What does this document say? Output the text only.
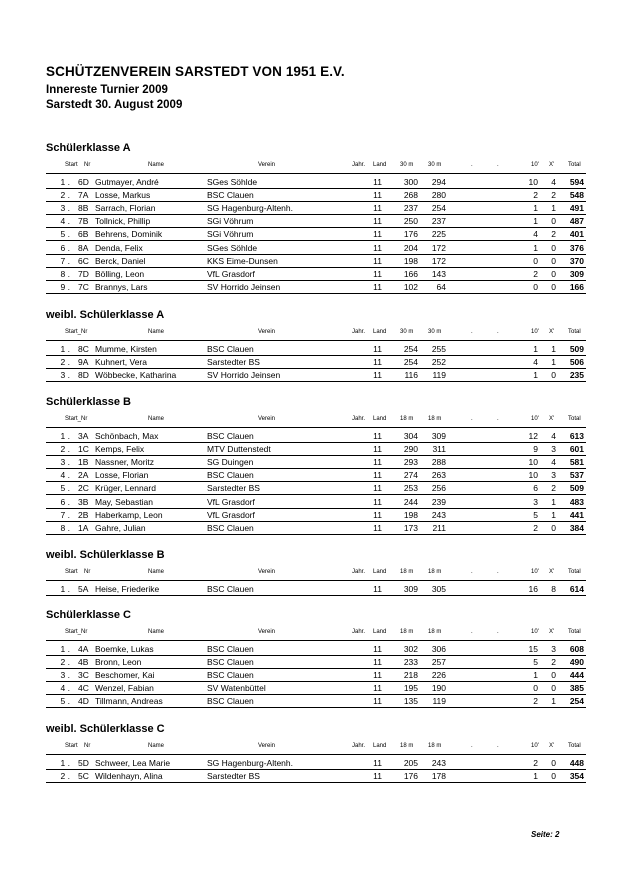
SCHÜTZENVEREIN SARSTEDT VON 1951 E.V.
Innereste Turnier 2009
Sarstedt 30. August 2009
Schülerklasse A
Start Nr	Name	Verein	Jahr. Land 30 m 30 m	.	.	10' X' Total
1 . 6D Gutmayer, André	SGes Söhlde	11	300	294	10	4	594
2 . 7A Losse, Markus	BSC Clauen	11	268	280	2	2	548
3 . 8B Sarrach, Florian	SG Hagenburg-Altenh.	11	237	254	1	1	491
4 . 7B Tollnick, Phillip	SGi Vöhrum	11	250	237	1	0	487
5 . 6B Behrens, Dominik	SGi Vöhrum	11	176	225	4	2	401
6 . 8A Denda, Felix	SGes Söhlde	11	204	172	1	0	376
7 . 6C Berck, Daniel	KKS Eime-Dunsen	11	198	172	0	0	370
8 . 7D Bölling, Leon	VfL Grasdorf	11	166	143	2	0	309
9 . 7C Brannys, Lars	SV Horrido Jeinsen	11	102	64	0	0	166
weibl. Schülerklasse A
Start_Nr	Name	Verein	Jahr. Land 30 m 30 m	.	.	10' X' Total
1 . 8C Mumme, Kirsten	BSC Clauen	11	254	255	1	1	509
2 . 9A Kuhnert, Vera	Sarstedter BS	11	254	252	4	1	506
3 . 8D Wöbbecke, Katharina	SV Horrido Jeinsen	11	116	119	1	0	235
Schülerklasse B
Start_Nr	Name	Verein	Jahr. Land 18 m 18 m	.	.	10' X' Total
1 . 3A Schönbach, Max	BSC Clauen	11	304	309	12	4	613
2 . 1C Kemps, Felix	MTV Duttenstedt	11	290	311	9	3	601
3 . 1B Nassner, Moritz	SG Duingen	11	293	288	10	4	581
4 . 2A Losse, Florian	BSC Clauen	11	274	263	10	3	537
5 . 2C Krüger, Lennard	Sarstedter BS	11	253	256	6	2	509
6 . 3B May, Sebastian	VfL Grasdorf	11	244	239	3	1	483
7 . 2B Haberkamp, Leon	VfL Grasdorf	11	198	243	5	1	441
8 . 1A Gahre, Julian	BSC Clauen	11	173	211	2	0	384
weibl. Schülerklasse B
Start Nr	Name	Verein	Jahr. Land 18 m 18 m	.	.	10' X' Total
1 . 5A Heise, Friederike	BSC Clauen	11	309	305	16	8	614
Schülerklasse C
Start_Nr	Name	Verein	Jahr. Land 18 m 18 m	.	.	10' X' Total
1 . 4A Boemke, Lukas	BSC Clauen	11	302	306	15	3	608
2 . 4B Bronn, Leon	BSC Clauen	11	233	257	5	2	490
3 . 3C Beschomer, Kai	BSC Clauen	11	218	226	1	0	444
4 . 4C Wenzel, Fabian	SV Watenbüttel	11	195	190	0	0	385
5 . 4D Tillmann, Andreas	BSC Clauen	11	135	119	2	1	254
weibl. Schülerklasse C
Start Nr	Name	Verein	Jahr. Land 18 m 18 m	.	.	10' X' Total
1 . 5D Schweer, Lea Marie	SG Hagenburg-Altenh.	11	205	243	2	0	448
2 . 5C Wildenhayn, Alina	Sarstedter BS	11	176	178	1	0	354
Seite: 2
